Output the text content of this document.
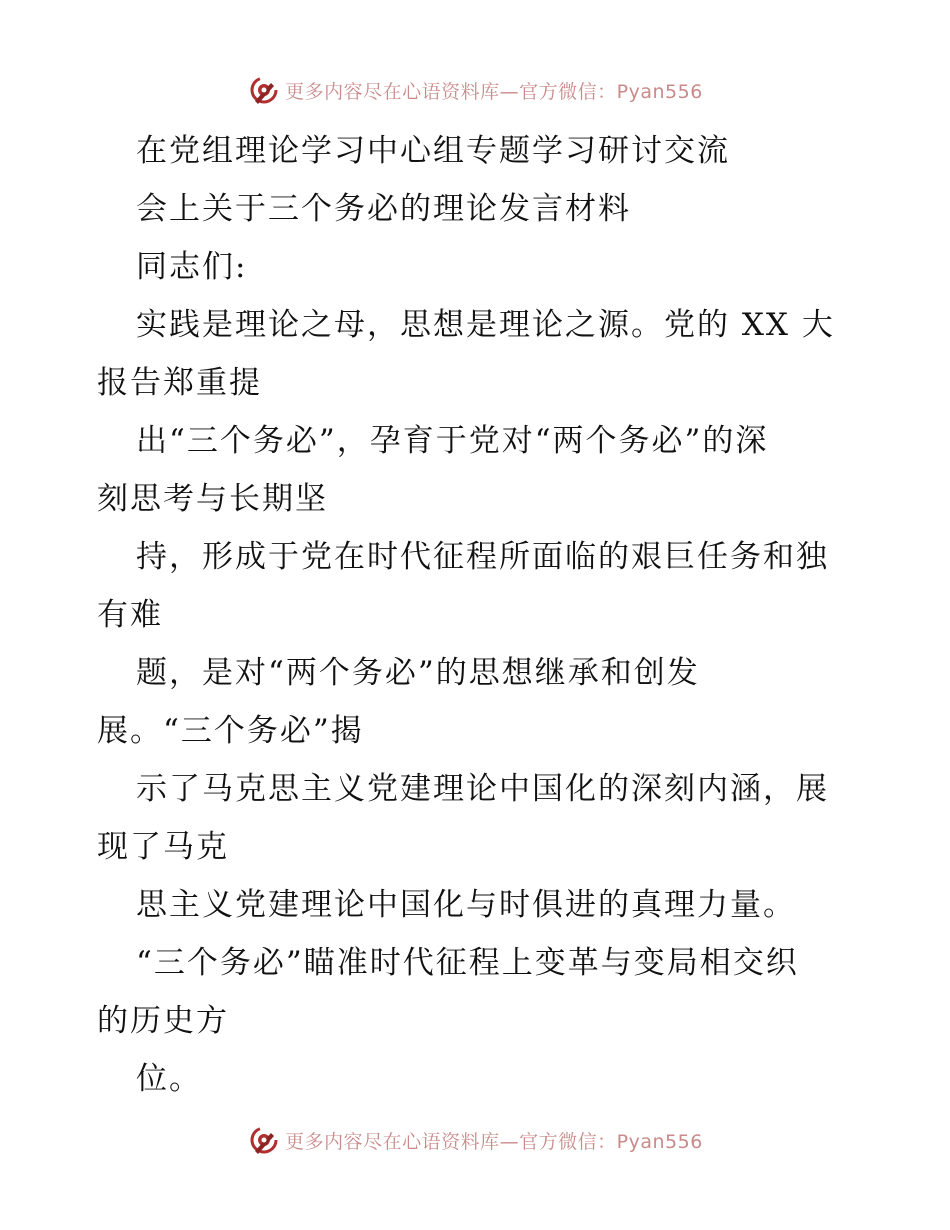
更多内容尽在心语资料库—官方微信：Pyan556
在党组理论学习中心组专题学习研讨交流
会上关于三个务必的理论发言材料
同志们:
实践是理论之母，思想是理论之源。党的 XX 大
报告郑重提
出“三个务必”，孕育于党对“两个务必”的深
刻思考与长期坚
持，形成于党在时代征程所面临的艰巨任务和独
有难
题，是对“两个务必”的思想继承和创发
展。“三个务必”揭
示了马克思主义党建理论中国化的深刻内涵，展
现了马克
思主义党建理论中国化与时俱进的真理力量。
“三个务必”瞄准时代征程上变革与变局相交织
的历史方
位。
更多内容尽在心语资料库—官方微信：Pyan556
